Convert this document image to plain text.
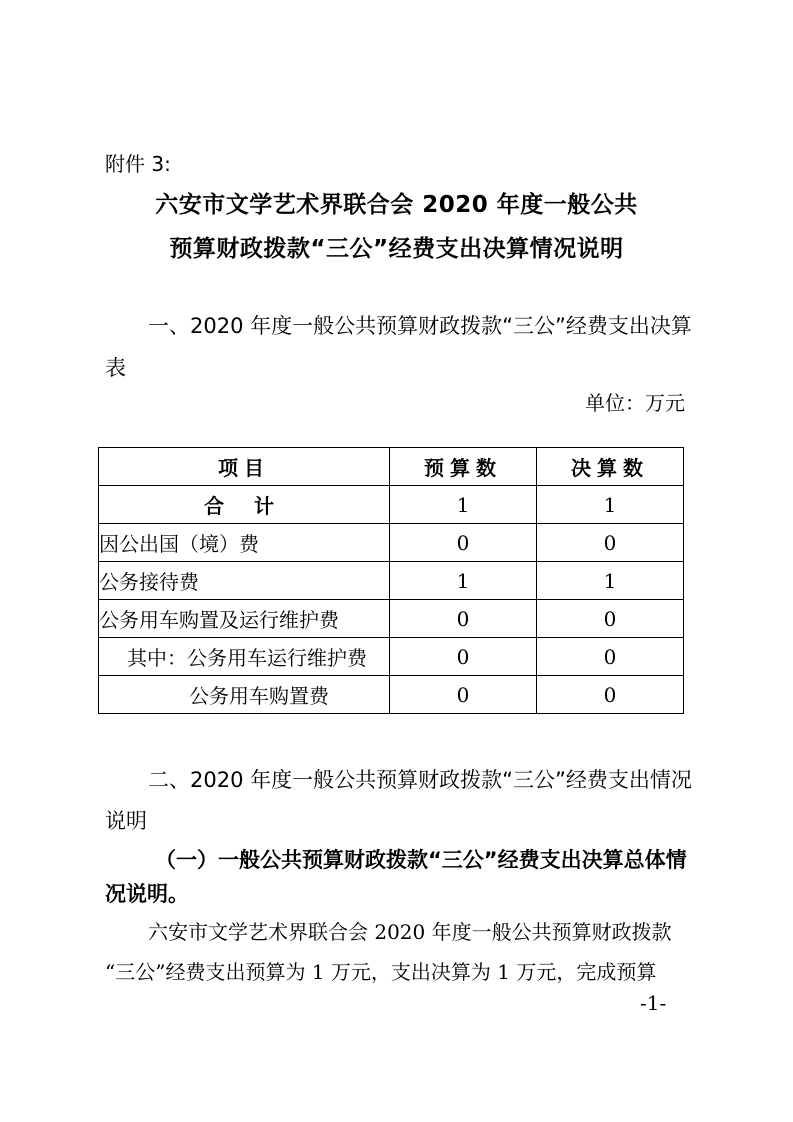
附件 3:
六安市文学艺术界联合会 2020 年度一般公共
预算财政拨款“三公”经费支出决算情况说明
一、2020 年度一般公共预算财政拨款“三公”经费支出决算
表
单位：万元
项目	预算数	决算数
合计	1	1
因公出国（境）费	0	0
公务接待费	1	1
公务用车购置及运行维护费	0	0
其中：公务用车运行维护费	0	0
公务用车购置费	0	0
二、2020 年度一般公共预算财政拨款“三公”经费支出情况
说明
（一）一般公共预算财政拨款“三公”经费支出决算总体情
况说明。
六安市文学艺术界联合会 2020 年度一般公共预算财政拨款
“三公”经费支出预算为 1 万元，支出决算为 1 万元，完成预算
-1-
